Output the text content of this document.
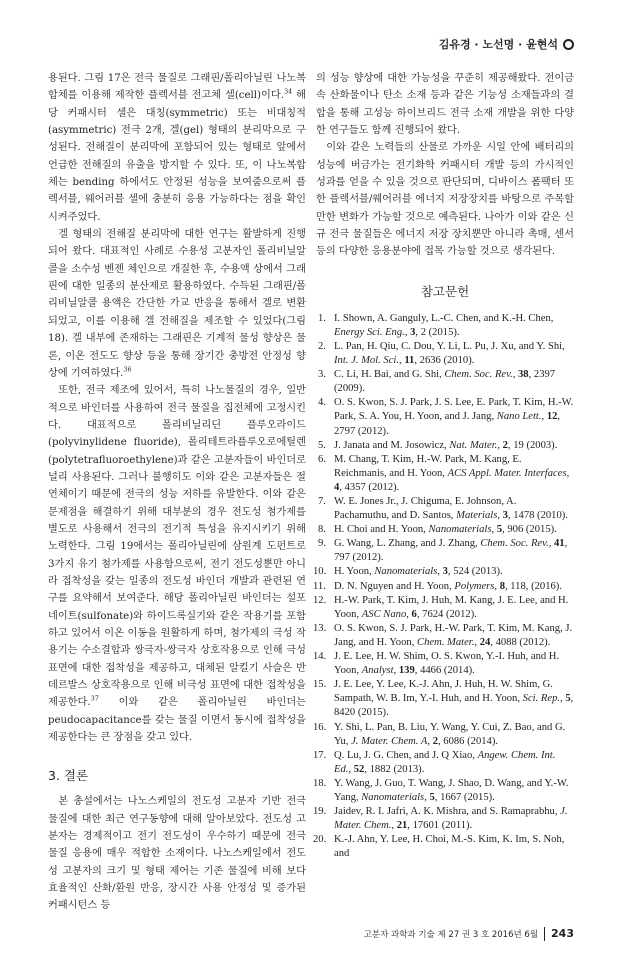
김유경 · 노선명 · 윤현석

용된다. 그림 17은 전극 물질로 그래핀/폴리아닐린 나노복합체를 이용해 제작한 플렉서블 전고체 셀(cell)이다.$^{34}$ 해당 커패시터 셀은 대칭(symmetric) 또는 비대칭적(asymmetric) 전극 2개, 겔(gel) 형태의 분리막으로 구성된다. 전해질이 분리막에 포함되어 있는 형태로 앞에서 언급한 전해질의 유출을 방지할 수 있다. 또, 이 나노복합체는 bending 하에서도 안정된 성능을 보여줌으로써 플렉서블, 웨어러블 셀에 충분히 응용 가능하다는 점을 확인시켜주었다.

겔 형태의 전해질 분리막에 대한 연구는 활발하게 진행되어 왔다. 대표적인 사례로 수용성 고분자인 폴리비닐알콜을 소수성 벤젠 체인으로 개질한 후, 수용액 상에서 그래핀에 대한 일종의 분산제로 활용하였다. 수득된 그래핀/폴리비닐알콜 용액은 간단한 가교 반응을 통해서 겔로 변환되었고, 이를 이용해 겔 전해질을 제조할 수 있었다(그림 18). 겔 내부에 존재하는 그래핀은 기계적 물성 향상은 물론, 이온 전도도 향상 등을 통해 장기간 충방전 안정성 향상에 기여하였다.$^{36}$

또한, 전극 제조에 있어서, 특히 나노물질의 경우, 일반적으로 바인더를 사용하여 전극 물질을 집전체에 고정시킨다. 대표적으로 폴리비닐리딘 플루오라이드(polyvinylidene fluoride), 폴리테트라플루오로에틸렌(polytetrafluoroethylene)과 같은 고분자들이 바인더로 널리 사용된다. 그러나 불행히도 이와 같은 고분자들은 절연체이기 때문에 전극의 성능 저하를 유발한다. 이와 같은 문제점을 해결하기 위해 대부분의 경우 전도성 첨가제를 별도로 사용해서 전극의 전기적 특성을 유지시키기 위해 노력한다. 그림 19에서는 폴리아닐린에 삼원계 도펀트로 3가지 유기 첨가제를 사용함으로써, 전기 전도성뿐만 아니라 접착성을 갖는 일종의 전도성 바인더 개발과 관련된 연구를 요약해서 보여준다. 해당 폴리아닐린 바인더는 설포네이트(sulfonate)와 하이드록실기와 같은 작용기를 포함하고 있어서 이온 이동을 원활하게 하며, 첨가제의 극성 작용기는 수소결합과 쌍극자-쌍극자 상호작용으로 인해 극성 표면에 대한 접착성을 제공하고, 대체된 알킬기 사슬은 반데르발스 상호작용으로 인해 비극성 표면에 대한 접착성을 제공한다.$^{37}$ 이와 같은 폴리아닐린 바인더는 peudocapacitance를 갖는 물질 이면서 동시에 접착성을 제공한다는 큰 장점을 갖고 있다.

3. 결론

본 총설에서는 나노스케일의 전도성 고분자 기반 전극 물질에 대한 최근 연구동향에 대해 알아보았다. 전도성 고분자는 경제적이고 전기 전도성이 우수하기 때문에 전극 물질 응용에 매우 적합한 소재이다. 나노스케일에서 전도성 고분자의 크기 및 형태 제어는 기존 물질에 비해 보다 효율적인 산화/환원 반응, 장시간 사용 안정성 및 증가된 커패시턴스 등

의 성능 향상에 대한 가능성을 꾸준히 제공해왔다. 전이금속 산화물이나 탄소 소재 등과 같은 기능성 소재들과의 결합을 통해 고성능 하이브리드 전극 소재 개발을 위한 다양한 연구들도 함께 진행되어 왔다.

이와 같은 노력들의 산물로 가까운 시일 안에 배터리의 성능에 버금가는 전기화학 커패시터 개발 등의 가시적인 성과를 얻을 수 있을 것으로 판단되며, 디바이스 폼팩터 또한 플렉서블/웨어러블 에너지 저장장치를 바탕으로 주목할만한 변화가 가능할 것으로 예측된다. 나아가 이와 같은 신규 전극 물질들은 에너지 저장 장치뿐만 아니라 촉매, 센서 등의 다양한 응용분야에 접목 가능할 것으로 생각된다.

참고문헌
1. I. Shown, A. Ganguly, L.-C. Chen, and K.-H. Chen, Energy Sci. Eng., 3, 2 (2015).
2. L. Pan, H. Qiu, C. Dou, Y. Li, L. Pu, J. Xu, and Y. Shi, Int. J. Mol. Sci., 11, 2636 (2010).
3. C. Li, H. Bai, and G. Shi, Chem. Soc. Rev., 38, 2397 (2009).
4. O. S. Kwon, S. J. Park, J. S. Lee, E. Park, T. Kim, H.-W. Park, S. A. You, H. Yoon, and J. Jang, Nano Lett., 12, 2797 (2012).
5. J. Janata and M. Josowicz, Nat. Mater., 2, 19 (2003).
6. M. Chang, T. Kim, H.-W. Park, M. Kang, E. Reichmanis, and H. Yoon, ACS Appl. Mater. Interfaces, 4, 4357 (2012).
7. W. E. Jones Jr., J. Chiguma, E. Johnson, A. Pachamuthu, and D. Santos, Materials, 3, 1478 (2010).
8. H. Choi and H. Yoon, Nanomaterials, 5, 906 (2015).
9. G. Wang, L. Zhang, and J. Zhang, Chem. Soc. Rev., 41, 797 (2012).
10. H. Yoon, Nanomaterials, 3, 524 (2013).
11. D. N. Nguyen and H. Yoon, Polymers, 8, 118, (2016).
12. H.-W. Park, T. Kim, J. Huh, M. Kang, J. E. Lee, and H. Yoon, ASC Nano, 6, 7624 (2012).
13. O. S. Kwon, S. J. Park, H.-W. Park, T. Kim, M. Kang, J. Jang, and H. Yoon, Chem. Mater., 24, 4088 (2012).
14. J. E. Lee, H. W. Shim, O. S. Kwon, Y.-I. Huh, and H. Yoon, Analyst, 139, 4466 (2014).
15. J. E. Lee, Y. Lee, K.-J. Ahn, J. Huh, H. W. Shim, G. Sampath, W. B. Im, Y.-I. Huh, and H. Yoon, Sci. Rep., 5, 8420 (2015).
16. Y. Shi, L. Pan, B. Liu, Y. Wang, Y. Cui, Z. Bao, and G. Yu, J. Mater. Chem. A, 2, 6086 (2014).
17. Q. Lu, J. G. Chen, and J. Q Xiao, Angew. Chem. Int. Ed., 52, 1882 (2013).
18. Y. Wang, J. Guo, T. Wang, J. Shao, D. Wang, and Y.-W. Yang, Nanomaterials, 5, 1667 (2015).
19. Jaidev, R. I. Jafri, A. K. Mishra, and S. Ramaprabhu, J. Mater. Chem., 21, 17601 (2011).
20. K.-J. Ahn, Y. Lee, H. Choi, M.-S. Kim, K. Im, S. Noh, and
고분자 과학과 기술 제 27 권 3 호 2016년 6월 243
